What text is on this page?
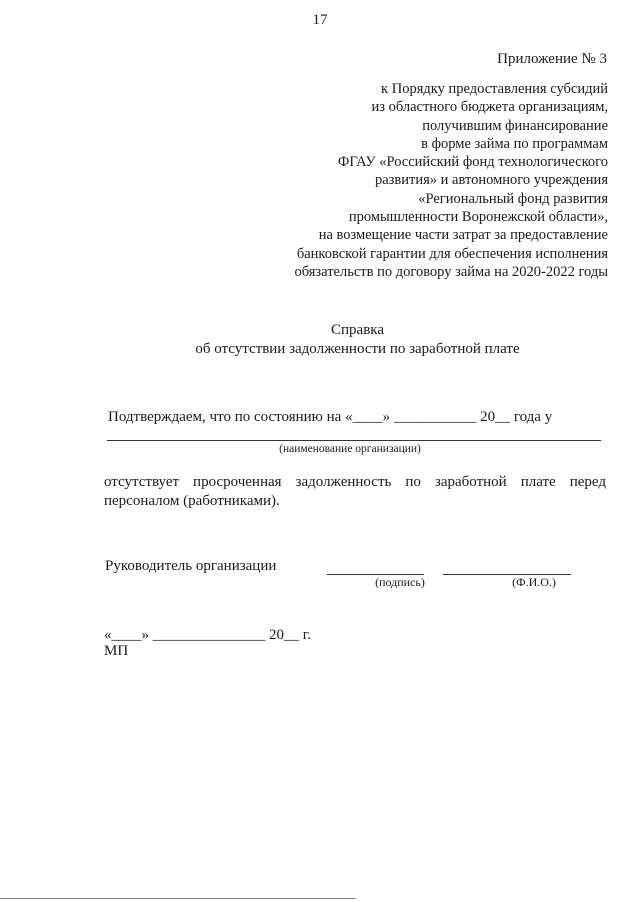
17
Приложение № 3
к Порядку предоставления субсидий
из областного бюджета организациям,
получившим финансирование
в форме займа по программам
ФГАУ «Российский фонд технологического
развития» и автономного учреждения
«Региональный фонд развития
промышленности Воронежской области»,
на возмещение части затрат за предоставление
банковской гарантии для обеспечения исполнения
обязательств по договору займа на 2020-2022 годы
Справка
об отсутствии задолженности по заработной плате
Подтверждаем, что по состоянию на «____» ___________ 20__ года у
(наименование организации)
отсутствует просроченная задолженность по заработной плате перед персоналом (работниками).
Руководитель организации
(подпись)	(Ф.И.О.)
«____» _______________ 20__ г.
МП
